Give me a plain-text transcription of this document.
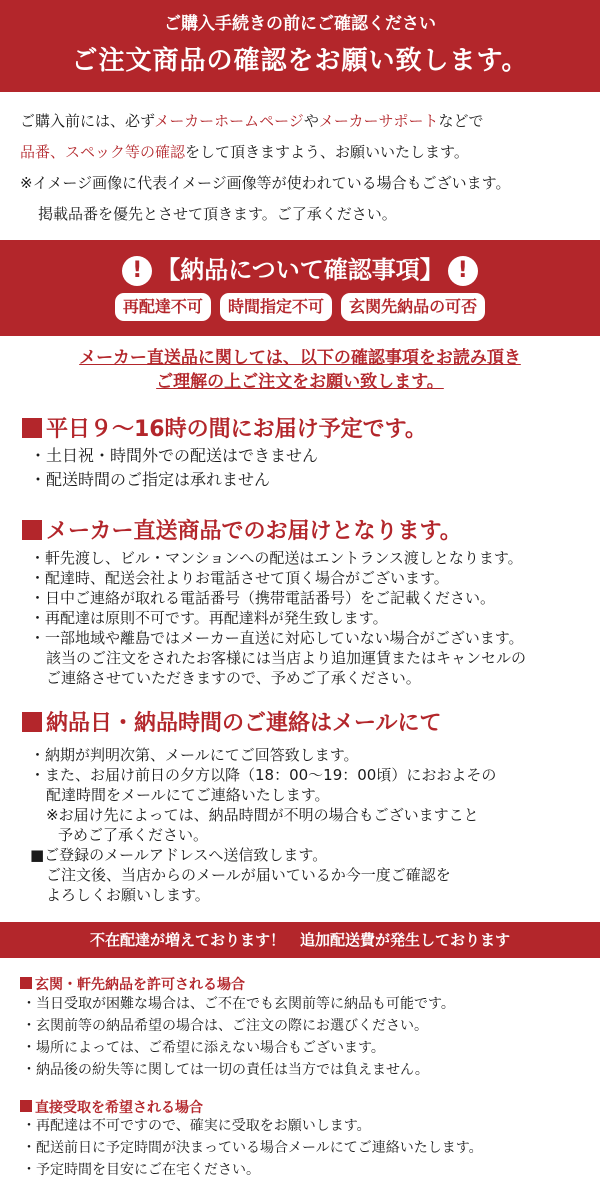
ご購入手続きの前にご確認ください
ご注文商品の確認をお願い致します。
ご購入前には、必ずメーカーホームページやメーカーサポートなどで
品番、スペック等の確認をして頂きますよう、お願いいたします。
※イメージ画像に代表イメージ画像等が使われている場合もございます。
掲載品番を優先とさせて頂きます。ご了承ください。
! 【納品について確認事項】 !
再配達不可 時間指定不可 玄関先納品の可否
メーカー直送品に関しては、以下の確認事項をお読み頂き
ご理解の上ご注文をお願い致します。
平日９～16時の間にお届け予定です。
・土日祝・時間外での配送はできません
・配送時間のご指定は承れません
メーカー直送商品でのお届けとなります。
・軒先渡し、ビル・マンションへの配送はエントランス渡しとなります。
・配達時、配送会社よりお電話させて頂く場合がございます。
・日中ご連絡が取れる電話番号（携帯電話番号）をご記載ください。
・再配達は原則不可です。再配達料が発生致します。
・一部地域や離島ではメーカー直送に対応していない場合がございます。
該当のご注文をされたお客様には当店より追加運賃またはキャンセルの
ご連絡させていただきますので、予めご了承ください。
納品日・納品時間のご連絡はメールにて
・納期が判明次第、メールにてご回答致します。
・また、お届け前日の夕方以降（18：00～19：00頃）におおよその
配達時間をメールにてご連絡いたします。
※お届け先によっては、納品時間が不明の場合もございますこと
予めご了承ください。
■ご登録のメールアドレスへ送信致します。
ご注文後、当店からのメールが届いているか今一度ご確認を
よろしくお願いします。
不在配達が増えております！　追加配送費が発生しております
玄関・軒先納品を許可される場合
・当日受取が困難な場合は、ご不在でも玄関前等に納品も可能です。
・玄関前等の納品希望の場合は、ご注文の際にお選びください。
・場所によっては、ご希望に添えない場合もございます。
・納品後の紛失等に関しては一切の責任は当方では負えません。
直接受取を希望される場合
・再配達は不可ですので、確実に受取をお願いします。
・配送前日に予定時間が決まっている場合メールにてご連絡いたします。
・予定時間を目安にご在宅ください。
